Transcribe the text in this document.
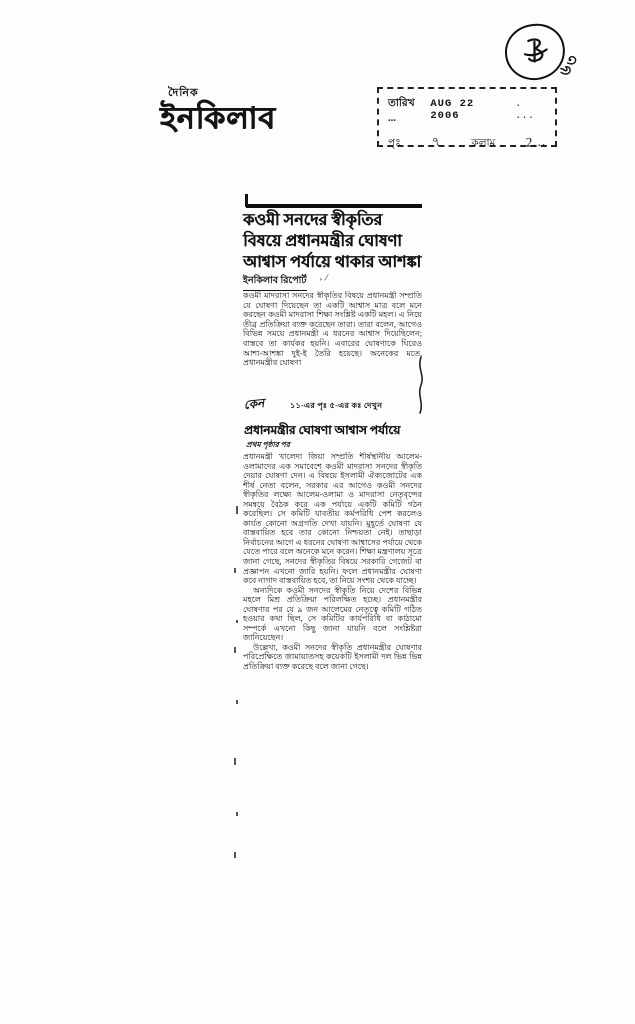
দৈনিক
ইনকিলাব	তারিখ ...
AUG 22 2006
. ...
পৃঃ ৭	কলাম 2…
৬৩
কওমী সনদের স্বীকৃতির
বিষয়ে প্রধানমন্ত্রীর ঘোষণা
আশ্বাস পর্যায়ে থাকার আশঙ্কা
ইনকিলাব রিপোর্ট , /
কওমী মাদরাসা সনদের স্বীকৃতির বিষয়ে প্রধানমন্ত্রী সম্প্রতি যে ঘোষণা দিয়েছেন তা একটি আশ্বাস মাত্র বলে মনে করছেন কওমী মাদরাসা শিক্ষা সংশ্লিষ্ট একটি মহল। এ নিয়ে তীব্র প্রতিক্রিয়া ব্যক্ত করেছেন তারা। তারা বলেন, আগেও বিভিন্ন সময়ে প্রধানমন্ত্রী এ ধরনের আশ্বাস দিয়েছিলেন; বাস্তবে তা কার্যকর হয়নি। এবারের ঘোষণাকে ঘিরেও আশা-আশঙ্কা দুই-ই তৈরি হয়েছে। অনেকের মতে, প্রধানমন্ত্রীর ঘোষণা
কেন	১১-এর পৃঃ ৫-এর কঃ দেখুন
প্রধানমন্ত্রীর ঘোষণা আশ্বাস পর্যায়ে
প্রথম পৃষ্ঠার পর

প্রধানমন্ত্রী খালেদা জিয়া সম্প্রতি শীর্ষস্থানীয় আলেম-ওলামাদের এক সমাবেশে কওমী মাদরাসা সনদের স্বীকৃতি দেয়ার ঘোষণা দেন। এ বিষয়ে ইসলামী ঐক্যজোটের এক শীর্ষ নেতা বলেন, সরকার এর আগেও কওমী সনদের স্বীকৃতির লক্ষ্যে আলেম-ওলামা ও মাদরাসা নেতৃবৃন্দের সমন্বয়ে বৈঠক করে এক পর্যায়ে একটি কমিটি গঠন করেছিল। সে কমিটি যাবতীয় কর্মপরিধি পেশ করলেও কার্যত কোনো অগ্রগতি দেখা যায়নি। মুহূর্তে ঘোষণা যে বাস্তবায়িত হবে তার কোনো নিশ্চয়তা নেই। তাছাড়া নির্বাচনের আগে এ ধরনের ঘোষণা আশ্বাসের পর্যায়ে থেকে যেতে পারে বলে অনেকে মনে করেন। শিক্ষা মন্ত্রণালয় সূত্রে জানা গেছে, সনদের স্বীকৃতির বিষয়ে সরকারি গেজেট বা প্রজ্ঞাপন এখনো জারি হয়নি। ফলে প্রধানমন্ত্রীর ঘোষণা কবে নাগাদ বাস্তবায়িত হবে, তা নিয়ে সংশয় থেকে যাচ্ছে।

অন্যদিকে কওমী সনদের স্বীকৃতি নিয়ে দেশের বিভিন্ন মহলে মিশ্র প্রতিক্রিয়া পরিলক্ষিত হচ্ছে। প্রধানমন্ত্রীর ঘোষণার পর যে ৯ জন আলেমের নেতৃত্বে কমিটি গঠিত হওয়ার কথা ছিল, সে কমিটির কার্যপরিধি বা কাঠামো সম্পর্কে এখনো কিছু জানা যায়নি বলে সংশ্লিষ্টরা জানিয়েছেন।

উল্লেখ্য, কওমী সনদের স্বীকৃতি প্রধানমন্ত্রীর ঘোষণার পরিপ্রেক্ষিতে জামায়াতসহ কয়েকটি ইসলামী দল ভিন্ন ভিন্ন প্রতিক্রিয়া ব্যক্ত করেছে বলে জানা গেছে।
